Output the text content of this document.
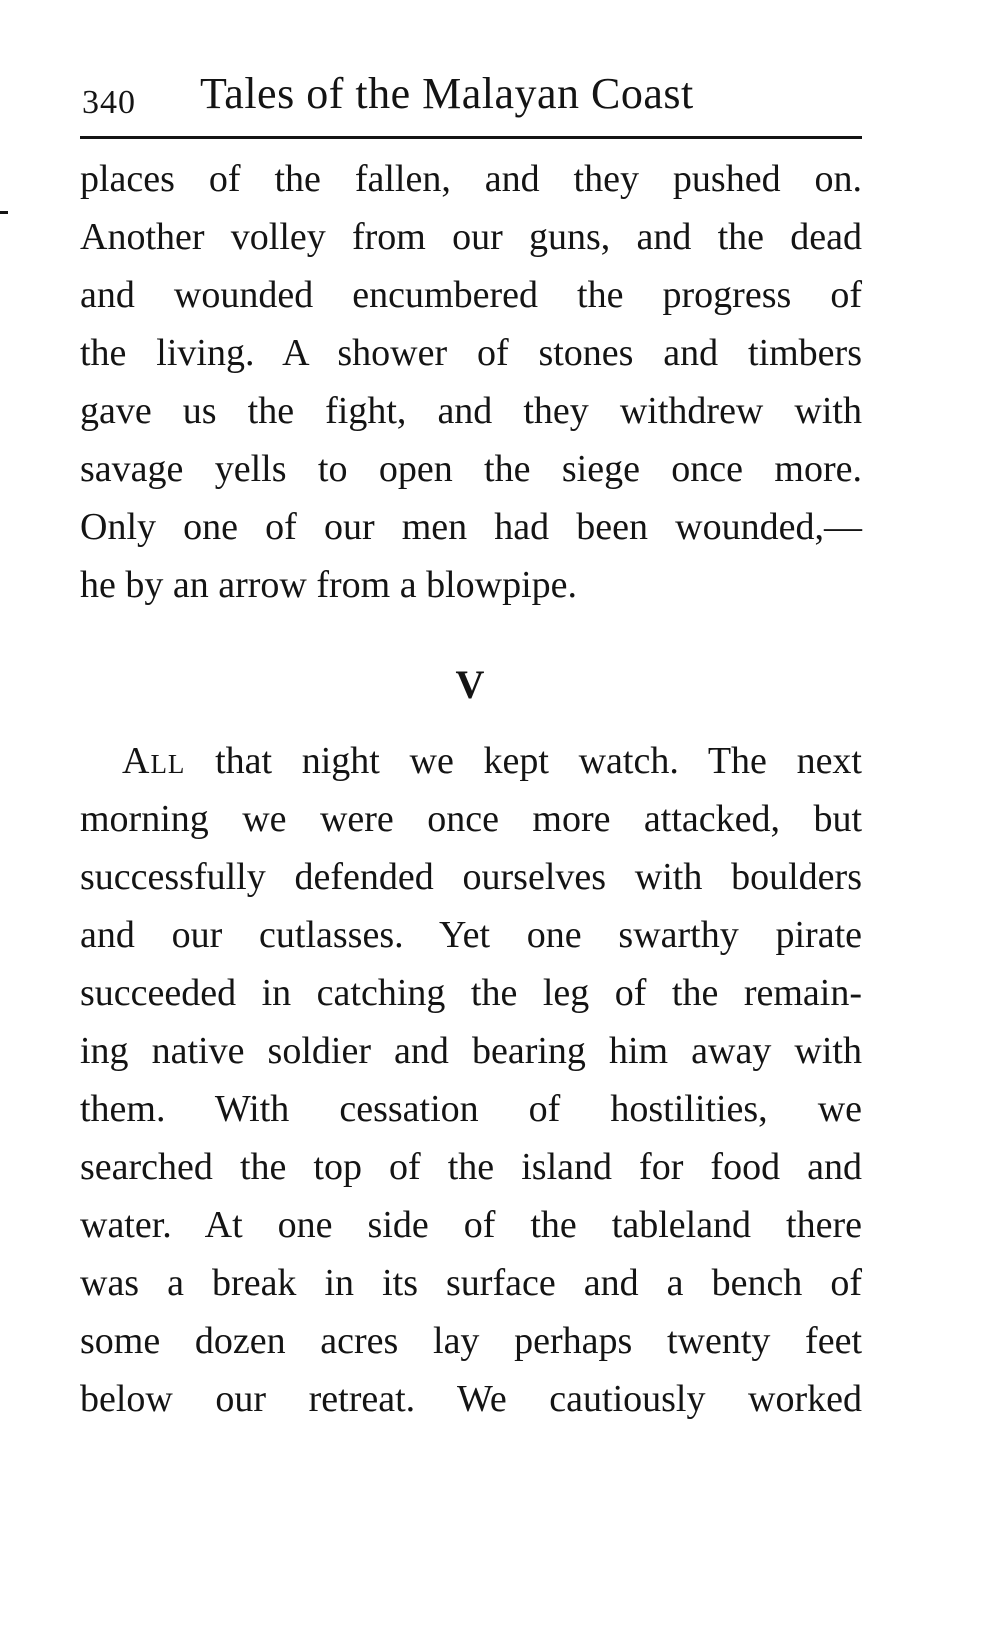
340 Tales of the Malayan Coast
places of the fallen, and they pushed on.
Another volley from our guns, and the dead
and wounded encumbered the progress of
the living. A shower of stones and timbers
gave us the fight, and they withdrew with
savage yells to open the siege once more.
Only one of our men had been wounded,—
he by an arrow from a blowpipe.
V
All that night we kept watch. The next
morning we were once more attacked, but
successfully defended ourselves with boulders
and our cutlasses. Yet one swarthy pirate
succeeded in catching the leg of the remain-
ing native soldier and bearing him away with
them. With cessation of hostilities, we
searched the top of the island for food and
water. At one side of the tableland there
was a break in its surface and a bench of
some dozen acres lay perhaps twenty feet
below our retreat. We cautiously worked
